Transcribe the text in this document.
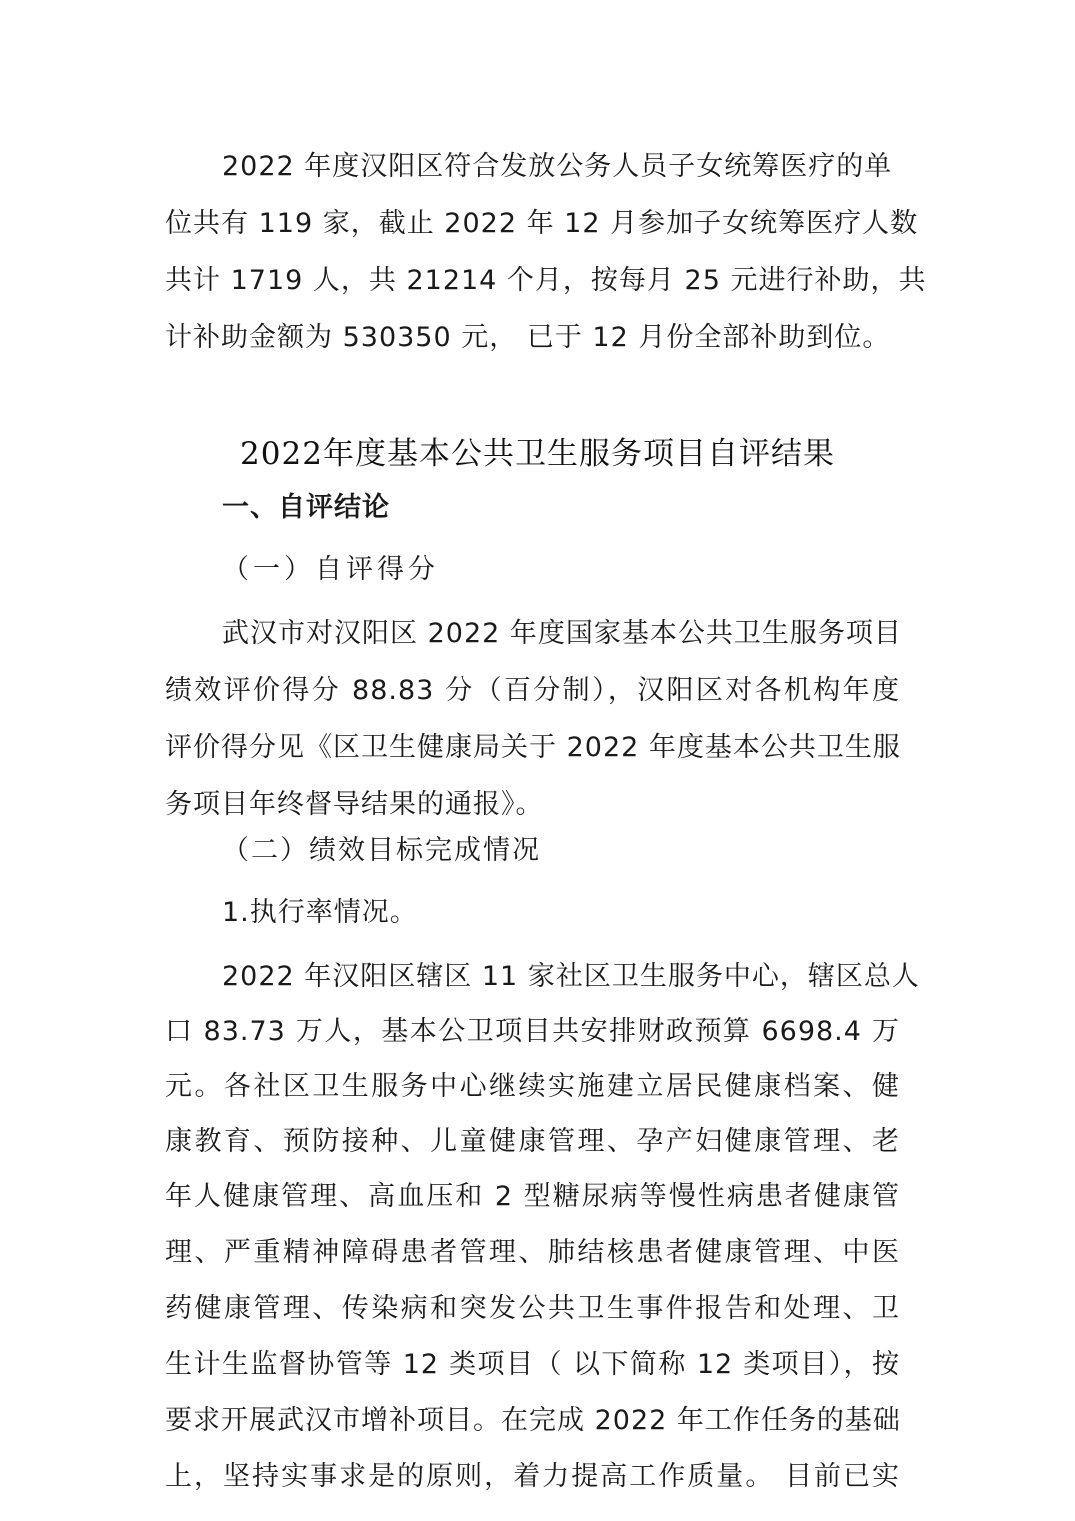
2022 年度汉阳区符合发放公务人员子女统筹医疗的单
位共有 119 家，截止 2022 年 12 月参加子女统筹医疗人数
共计 1719 人，共 21214 个月，按每月 25 元进行补助，共
计补助金额为 530350 元， 已于 12 月份全部补助到位。
2022年度基本公共卫生服务项目自评结果
一、自评结论
（一）自评得分
武汉市对汉阳区 2022 年度国家基本公共卫生服务项目
绩效评价得分 88.83 分（百分制），汉阳区对各机构年度
评价得分见《区卫生健康局关于 2022 年度基本公共卫生服
务项目年终督导结果的通报》。
（二）绩效目标完成情况
1.执行率情况。
2022 年汉阳区辖区 11 家社区卫生服务中心，辖区总人
口 83.73 万人，基本公卫项目共安排财政预算 6698.4 万
元。各社区卫生服务中心继续实施建立居民健康档案、健
康教育、预防接种、儿童健康管理、孕产妇健康管理、老
年人健康管理、高血压和 2 型糖尿病等慢性病患者健康管
理、严重精神障碍患者管理、肺结核患者健康管理、中医
药健康管理、传染病和突发公共卫生事件报告和处理、卫
生计生监督协管等 12 类项目（ 以下简称 12 类项目），按
要求开展武汉市增补项目。在完成 2022 年工作任务的基础
上，坚持实事求是的原则，着力提高工作质量。 目前已实
